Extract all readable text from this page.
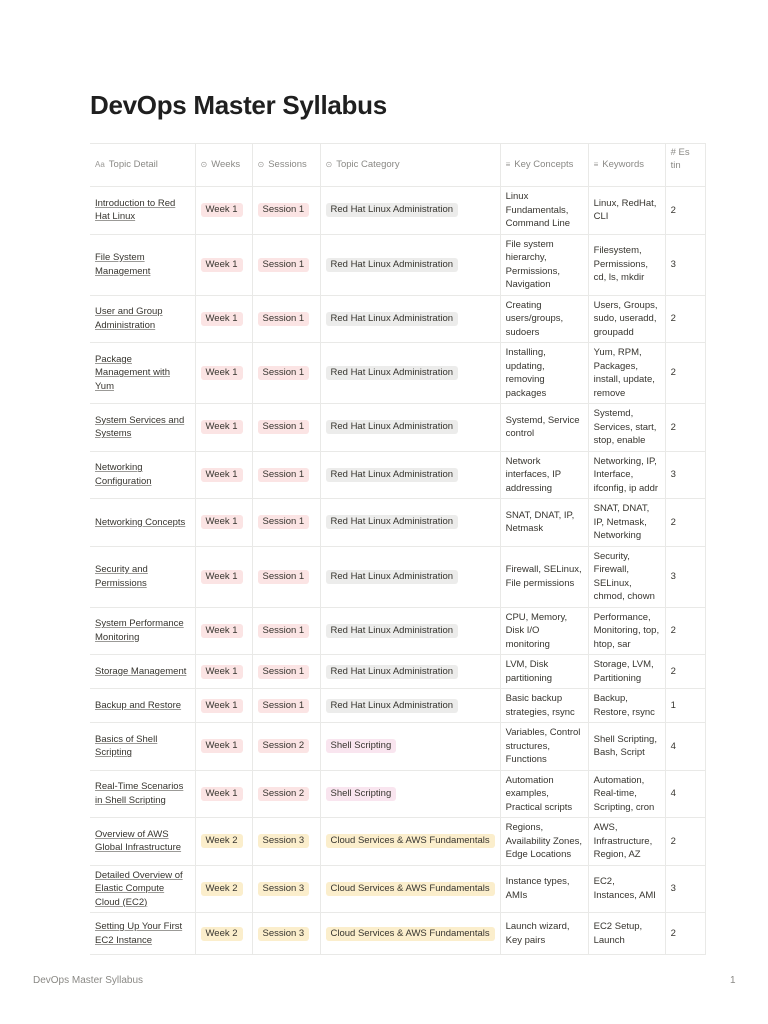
DevOps Master Syllabus
Aa Topic Detail	⊙ Weeks	⊙ Sessions	⊙ Topic Category	≡ Key Concepts	≡ Keywords	# Es tin
Introduction to Red Hat Linux	Week 1	Session 1	Red Hat Linux Administration	Linux Fundamentals, Command Line	Linux, RedHat, CLI	2
File System Management	Week 1	Session 1	Red Hat Linux Administration	File system hierarchy, Permissions, Navigation	Filesystem, Permissions, cd, ls, mkdir	3
User and Group Administration	Week 1	Session 1	Red Hat Linux Administration	Creating users/groups, sudoers	Users, Groups, sudo, useradd, groupadd	2
Package Management with Yum	Week 1	Session 1	Red Hat Linux Administration	Installing, updating, removing packages	Yum, RPM, Packages, install, update, remove	2
System Services and Systems	Week 1	Session 1	Red Hat Linux Administration	Systemd, Service control	Systemd, Services, start, stop, enable	2
Networking Configuration	Week 1	Session 1	Red Hat Linux Administration	Network interfaces, IP addressing	Networking, IP, Interface, ifconfig, ip addr	3
Networking Concepts	Week 1	Session 1	Red Hat Linux Administration	SNAT, DNAT, IP, Netmask	SNAT, DNAT, IP, Netmask, Networking	2
Security and Permissions	Week 1	Session 1	Red Hat Linux Administration	Firewall, SELinux, File permissions	Security, Firewall, SELinux, chmod, chown	3
System Performance Monitoring	Week 1	Session 1	Red Hat Linux Administration	CPU, Memory, Disk I/O monitoring	Performance, Monitoring, top, htop, sar	2
Storage Management	Week 1	Session 1	Red Hat Linux Administration	LVM, Disk partitioning	Storage, LVM, Partitioning	2
Backup and Restore	Week 1	Session 1	Red Hat Linux Administration	Basic backup strategies, rsync	Backup, Restore, rsync	1
Basics of Shell Scripting	Week 1	Session 2	Shell Scripting	Variables, Control structures, Functions	Shell Scripting, Bash, Script	4
Real-Time Scenarios in Shell Scripting	Week 1	Session 2	Shell Scripting	Automation examples, Practical scripts	Automation, Real-time, Scripting, cron	4
Overview of AWS Global Infrastructure	Week 2	Session 3	Cloud Services & AWS Fundamentals	Regions, Availability Zones, Edge Locations	AWS, Infrastructure, Region, AZ	2
Detailed Overview of Elastic Compute Cloud (EC2)	Week 2	Session 3	Cloud Services & AWS Fundamentals	Instance types, AMIs	EC2, Instances, AMI	3
Setting Up Your First EC2 Instance	Week 2	Session 3	Cloud Services & AWS Fundamentals	Launch wizard, Key pairs	EC2 Setup, Launch	2
DevOps Master Syllabus	1
